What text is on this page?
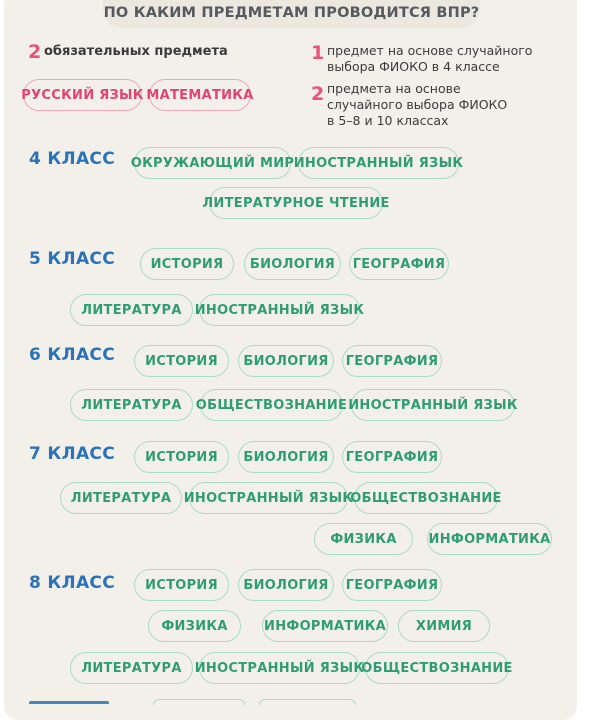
ПО КАКИМ ПРЕДМЕТАМ ПРОВОДИТСЯ ВПР?
2 обязательных предмета
РУССКИЙ ЯЗЫК МАТЕМАТИКА
1 предмет на основе случайного
выбора ФИОКО в 4 классе
2 предмета на основе
случайного выбора ФИОКО
в 5–8 и 10 классах
4 КЛАСС ОКРУЖАЮЩИЙ МИР ИНОСТРАННЫЙ ЯЗЫК
ЛИТЕРАТУРНОЕ ЧТЕНИЕ
5 КЛАСС	ИСТОРИЯ	БИОЛОГИЯ	ГЕОГРАФИЯ
ЛИТЕРАТУРА ИНОСТРАННЫЙ ЯЗЫК
6 КЛАСС	ИСТОРИЯ	БИОЛОГИЯ	ГЕОГРАФИЯ
ЛИТЕРАТУРА	ОБЩЕСТВОЗНАНИЕ ИНОСТРАННЫЙ ЯЗЫК
7 КЛАСС	ИСТОРИЯ	БИОЛОГИЯ	ГЕОГРАФИЯ
ЛИТЕРАТУРА ИНОСТРАННЫЙ ЯЗЫК
ОБЩЕСТВОЗНАНИЕ
ФИЗИКА	ИНФОРМАТИКА
8 КЛАСС	ИСТОРИЯ	БИОЛОГИЯ	ГЕОГРАФИЯ
ФИЗИКА	ИНФОРМАТИКА	ХИМИЯ
ЛИТЕРАТУРА ИНОСТРАННЫЙ ЯЗЫК
ОБЩЕСТВОЗНАНИЕ
